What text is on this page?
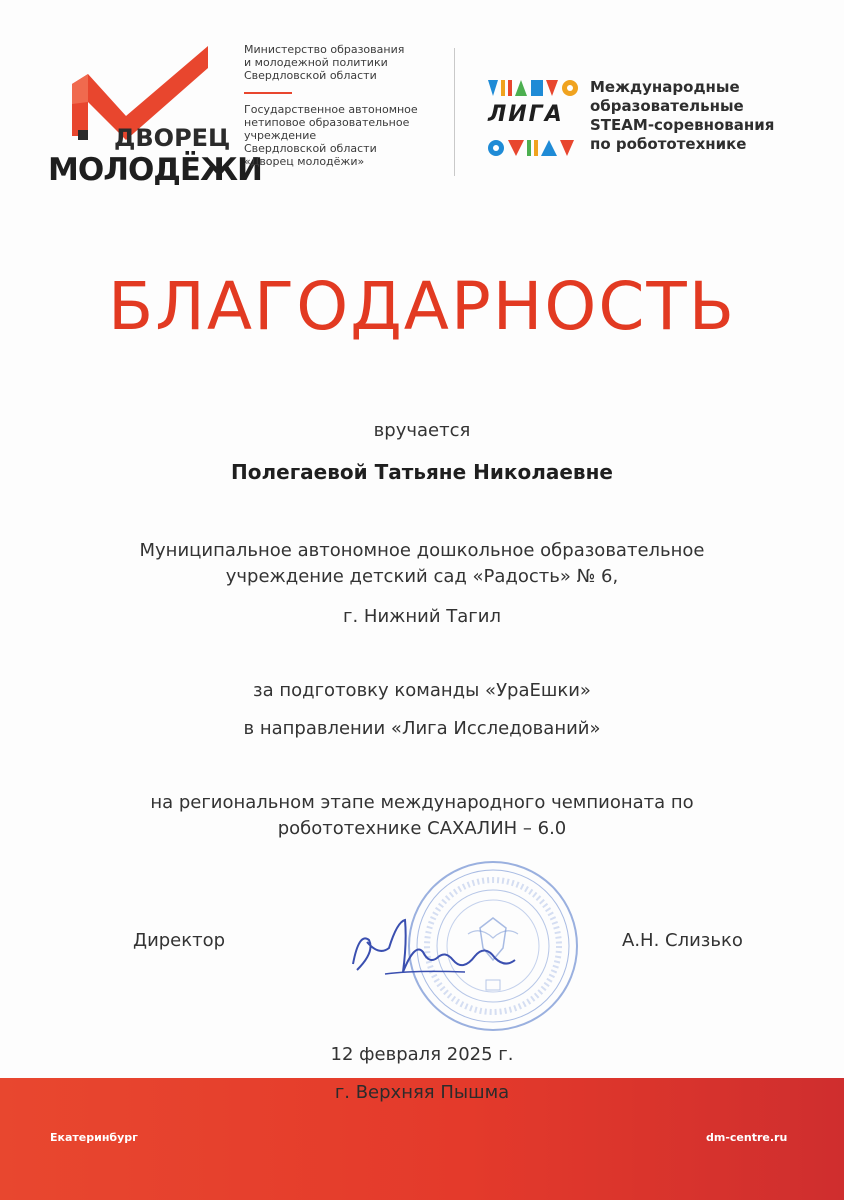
ДВОРЕЦ
МОЛОДЁЖИ
Министерство образования
и молодежной политики
Свердловской области
Государственное автономное
нетиповое образовательное
учреждение
Свердловской области
«Дворец молодёжи»
ЛИГА
Международные
образовательные
STEAM-соревнования
по робототехнике
БЛАГОДАРНОСТЬ
вручается
Полегаевой Татьяне Николаевне
Муниципальное автономное дошкольное образовательное
учреждение детский сад «Радость» № 6,
г. Нижний Тагил
за подготовку команды «УраЕшки»
в направлении «Лига Исследований»
на региональном этапе международного чемпионата по
робототехнике САХАЛИН – 6.0
Директор	А.Н. Слизько
12 февраля 2025 г.
г. Верхняя Пышма
Екатеринбург	dm-centre.ru
